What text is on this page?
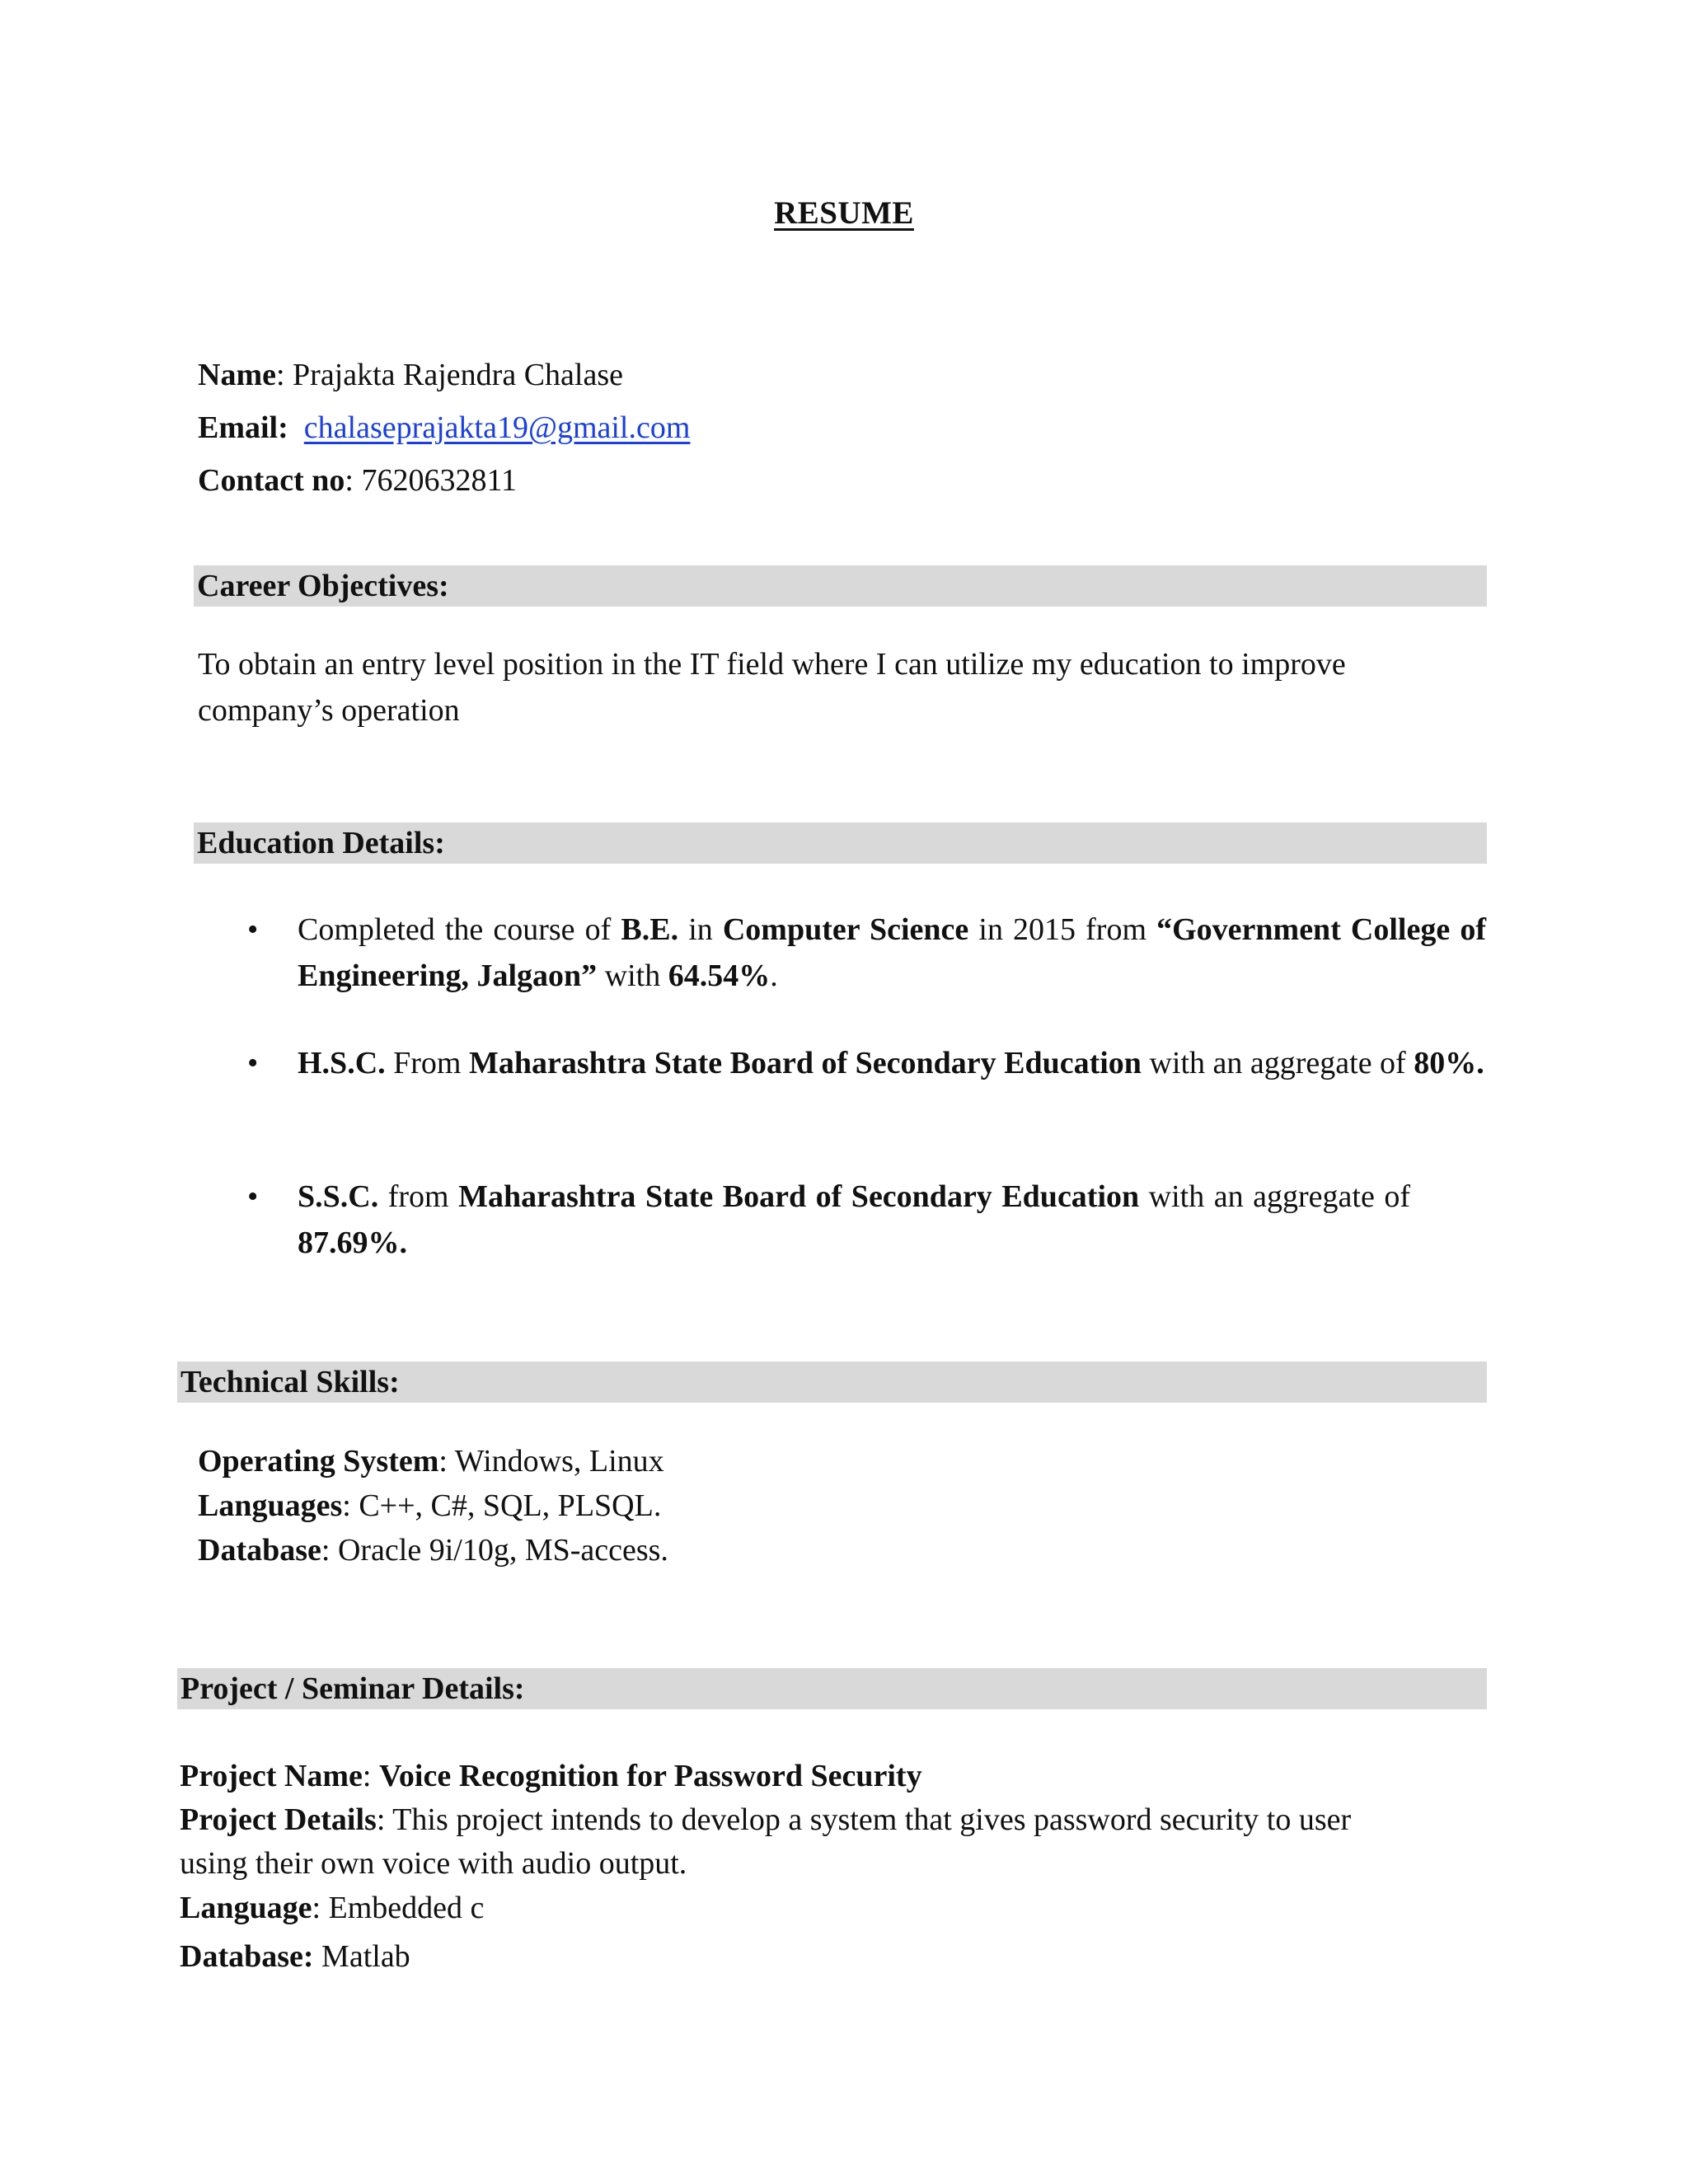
RESUME
Name: Prajakta Rajendra Chalase
Email: chalaseprajakta19@gmail.com
Contact no: 7620632811
Career Objectives:
To obtain an entry level position in the IT field where I can utilize my education to improve company’s operation
Education Details:
• Completed the course of B.E. in Computer Science in 2015 from “Government College of Engineering, Jalgaon” with 64.54%.
• H.S.C. From Maharashtra State Board of Secondary Education with an aggregate of 80%.
• S.S.C. from Maharashtra State Board of Secondary Education with an aggregate of 87.69%.
Technical Skills:
Operating System: Windows, Linux
Languages: C++, C#, SQL, PLSQL.
Database: Oracle 9i/10g, MS-access.
Project / Seminar Details:
Project Name: Voice Recognition for Password Security
Project Details: This project intends to develop a system that gives password security to user
using their own voice with audio output.
Language: Embedded c
Database: Matlab
